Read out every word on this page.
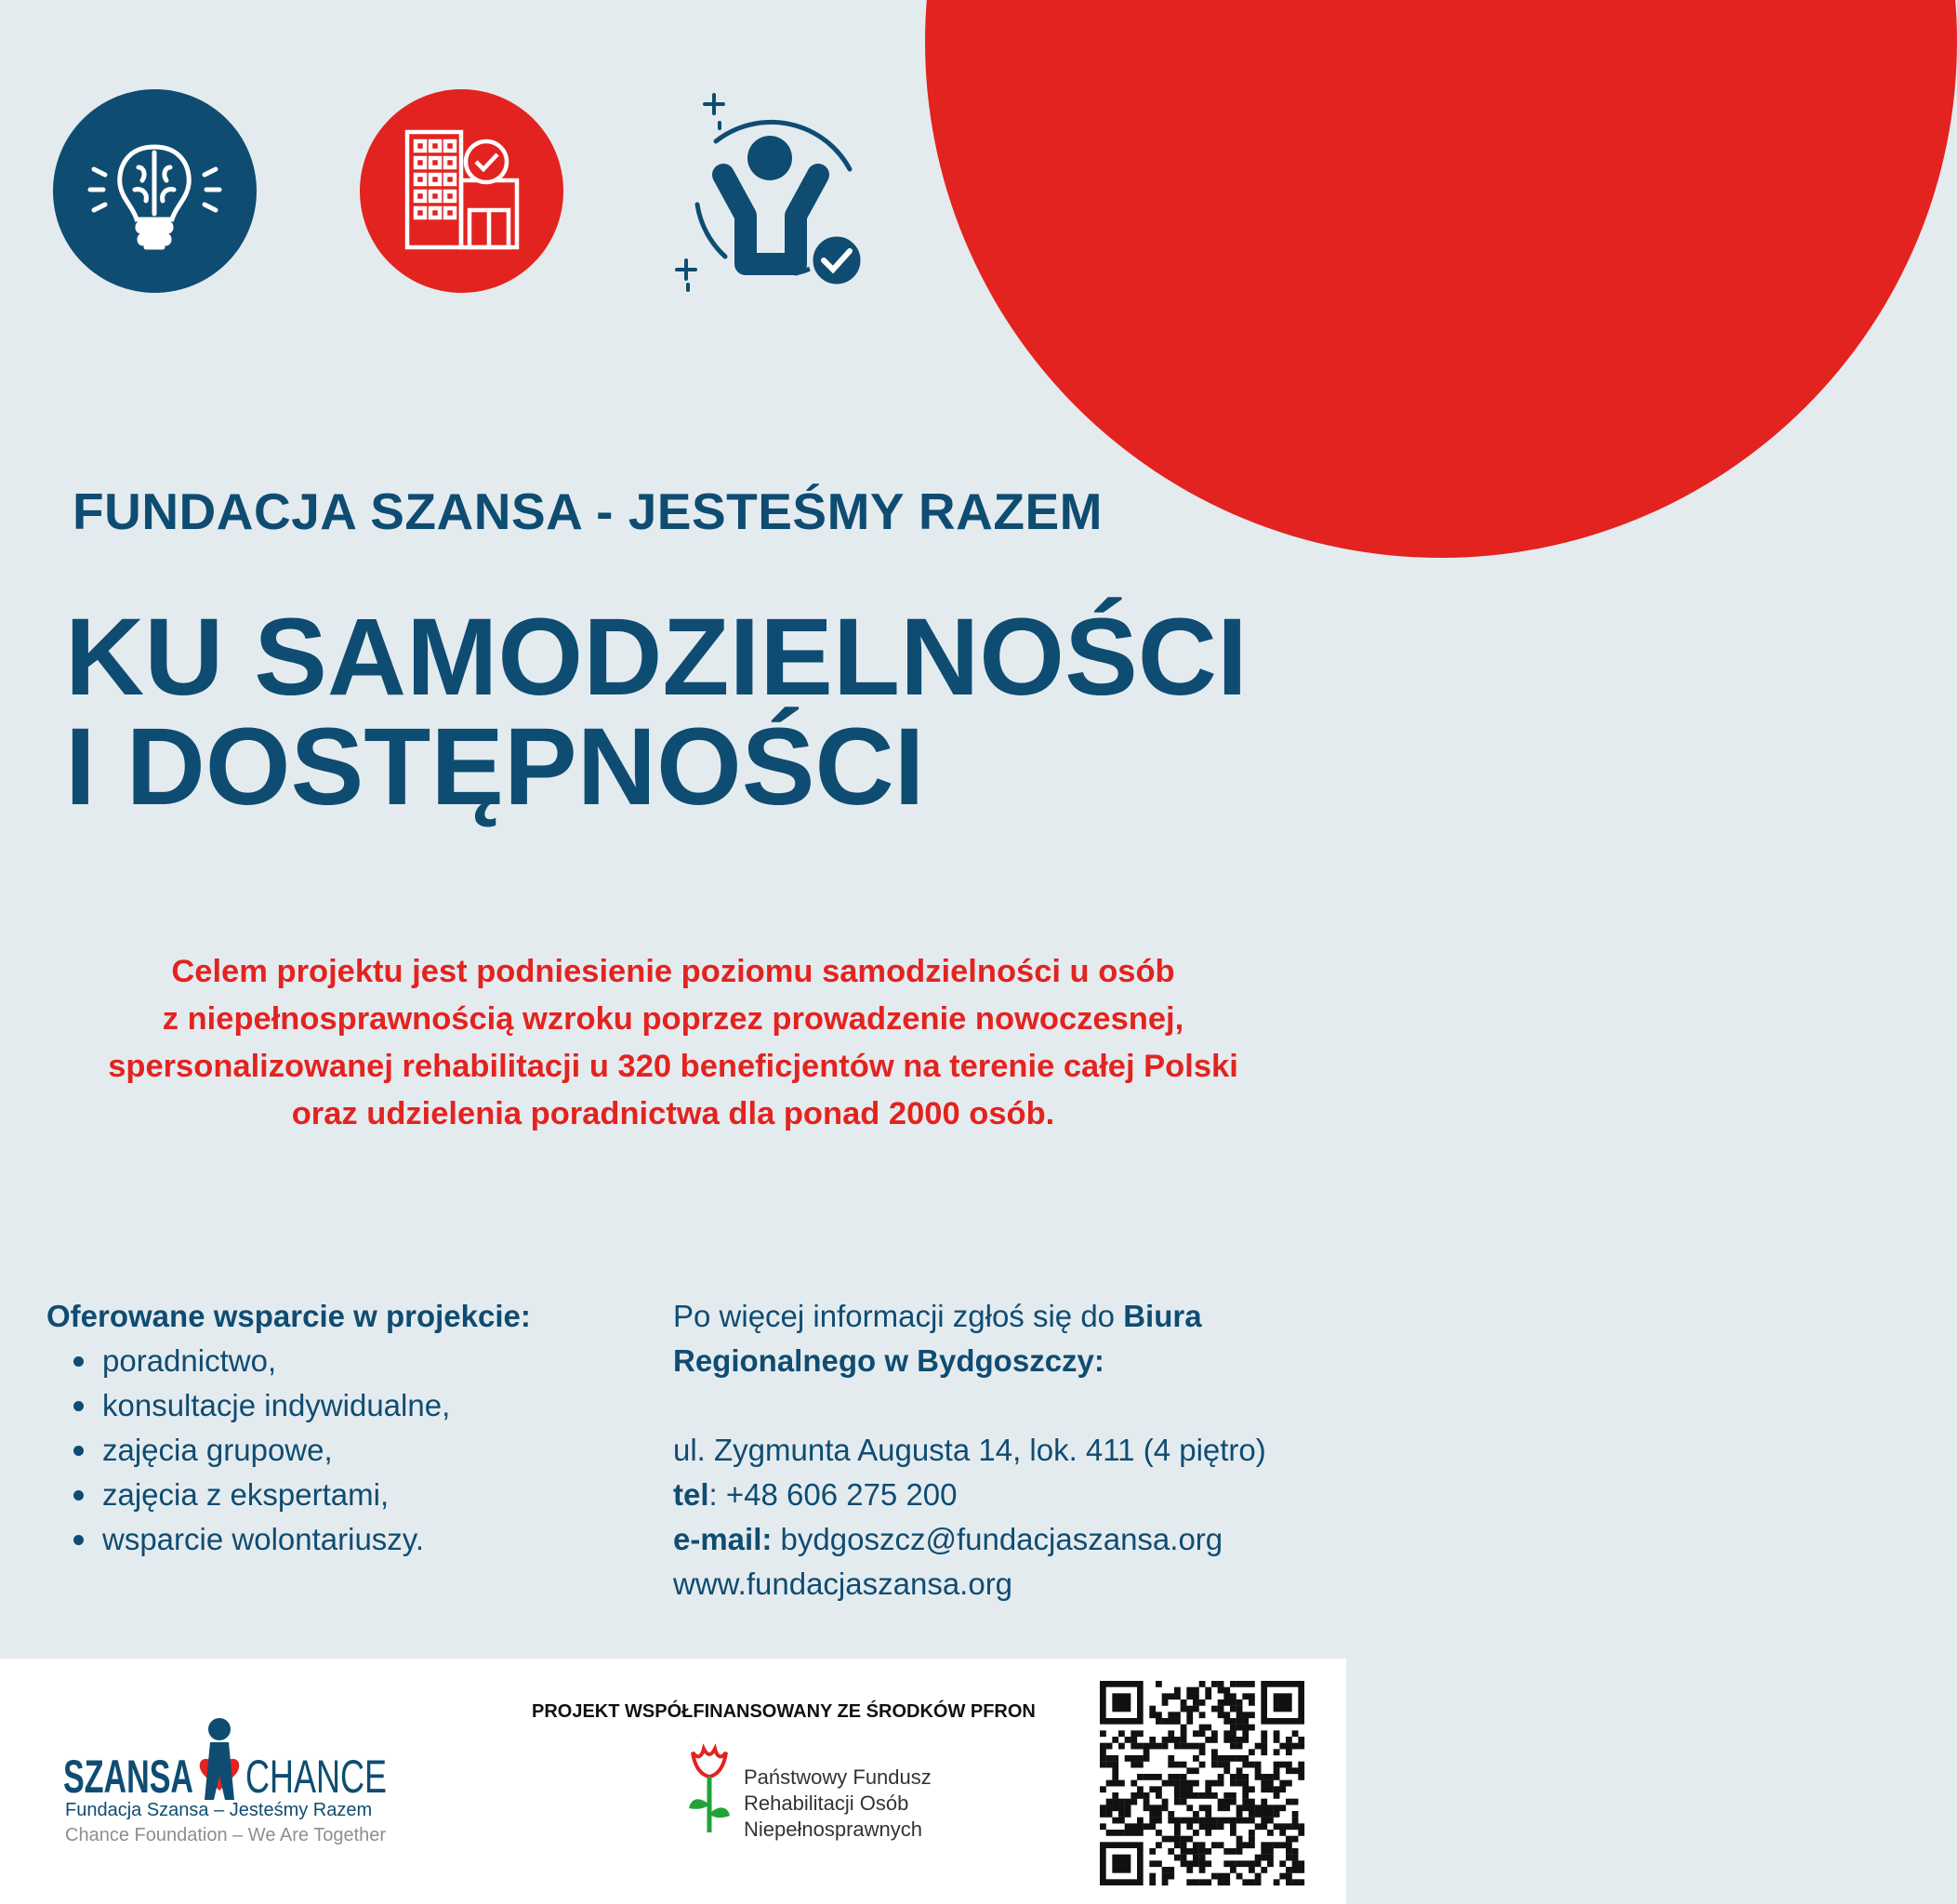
FUNDACJA SZANSA - JESTEŚMY RAZEM
KU SAMODZIELNOŚCI
I DOSTĘPNOŚCI
Celem projektu jest podniesienie poziomu samodzielności u osób
z niepełnosprawnością wzroku poprzez prowadzenie nowoczesnej,
spersonalizowanej rehabilitacji u 320 beneficjentów na terenie całej Polski
oraz udzielenia poradnictwa dla ponad 2000 osób.
Oferowane wsparcie w projekcie:
poradnictwo,
konsultacje indywidualne,
zajęcia grupowe,
zajęcia z ekspertami,
wsparcie wolontariuszy.
Po więcej informacji zgłoś się do Biura
Regionalnego w Bydgoszczy:
ul. Zygmunta Augusta 14, lok. 411 (4 piętro)
tel: +48 606 275 200
e-mail: bydgoszcz@fundacjaszansa.org
www.fundacjaszansa.org
SZANSA CHANCE
Fundacja Szansa – Jesteśmy Razem
Chance Foundation – We Are Together
PROJEKT WSPÓŁFINANSOWANY ZE ŚRODKÓW PFRON
Państwowy Fundusz
Rehabilitacji Osób
Niepełnosprawnych
